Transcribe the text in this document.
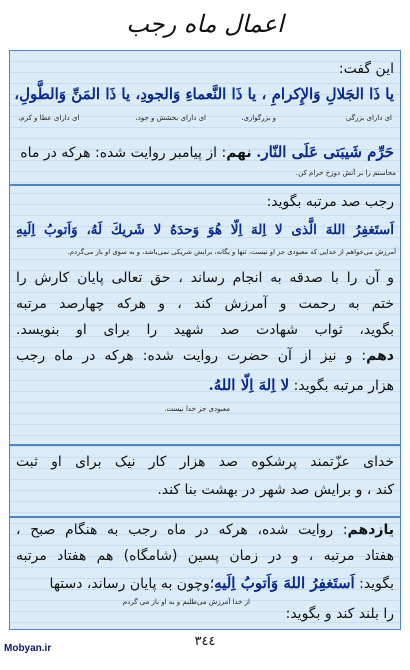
اعمال ماه رجب
این گفت:
يا ذَا الجَلالِ وَالإِكرامِ ، يا ذَا النَّعماءِ وَالجودِ، يا ذَا المَنِّ وَالطَّولِ،
ای دارای بزرگی
و بزرگواری،
ای دارای بخشش و جود،
ای دارای عطا و کرم،
حَرِّم شَيبَتى عَلَى النّار. نهم: از پیامبر روایت شده: هرکه در ماه
محاسنم را بر آتش دوزخ حرام کن.
رجب صد مرتبه بگوید:
اَستَغفِرُ اللهَ الَّذى لا اِلهَ اِلّا هُوَ وَحدَهُ لا شَريكَ لَهُ، وَاَتوبُ اِلَيهِ
آمرزش می‌خواهم از خدایی که معبودی جز او نیست، تنها و یگانه، برایش شریکی نمی‌باشد، و به سوی او باز می‌گردم.
و آن را با صدقه به انجام رساند ، حق تعالی پایان کارش را
ختم به رحمت و آمرزش کند ، و هرکه چهارصد مرتبه
بگوید، ثواب شهادت صد شهید را برای او بنویسد.
دهم: و نیز از آن حضرت روایت شده: هرکه در ماه رجب
هزار مرتبه بگوید: لا اِلهَ اِلّا اللهُ.
معبودی جز خدا نیست.
خدای عزّتمند پرشکوه صد هزار کار نیک برای او ثبت
کند ، و برایش صد شهر در بهشت بنا کند.
یازدهم: روایت شده، هرکه در ماه رجب به هنگام صبح ،
هفتاد مرتبه ، و در زمان پسین (شامگاه) هم هفتاد مرتبه
بگوید: اَستَغفِرُ اللهَ وَاَتوبُ اِلَيهِ؛وچون به پایان رساند، دستها
از خدا آمرزش می‌طلبم و به او باز می گردم
را بلند کند و بگوید:
٣٤٤
Mobyan.ir
